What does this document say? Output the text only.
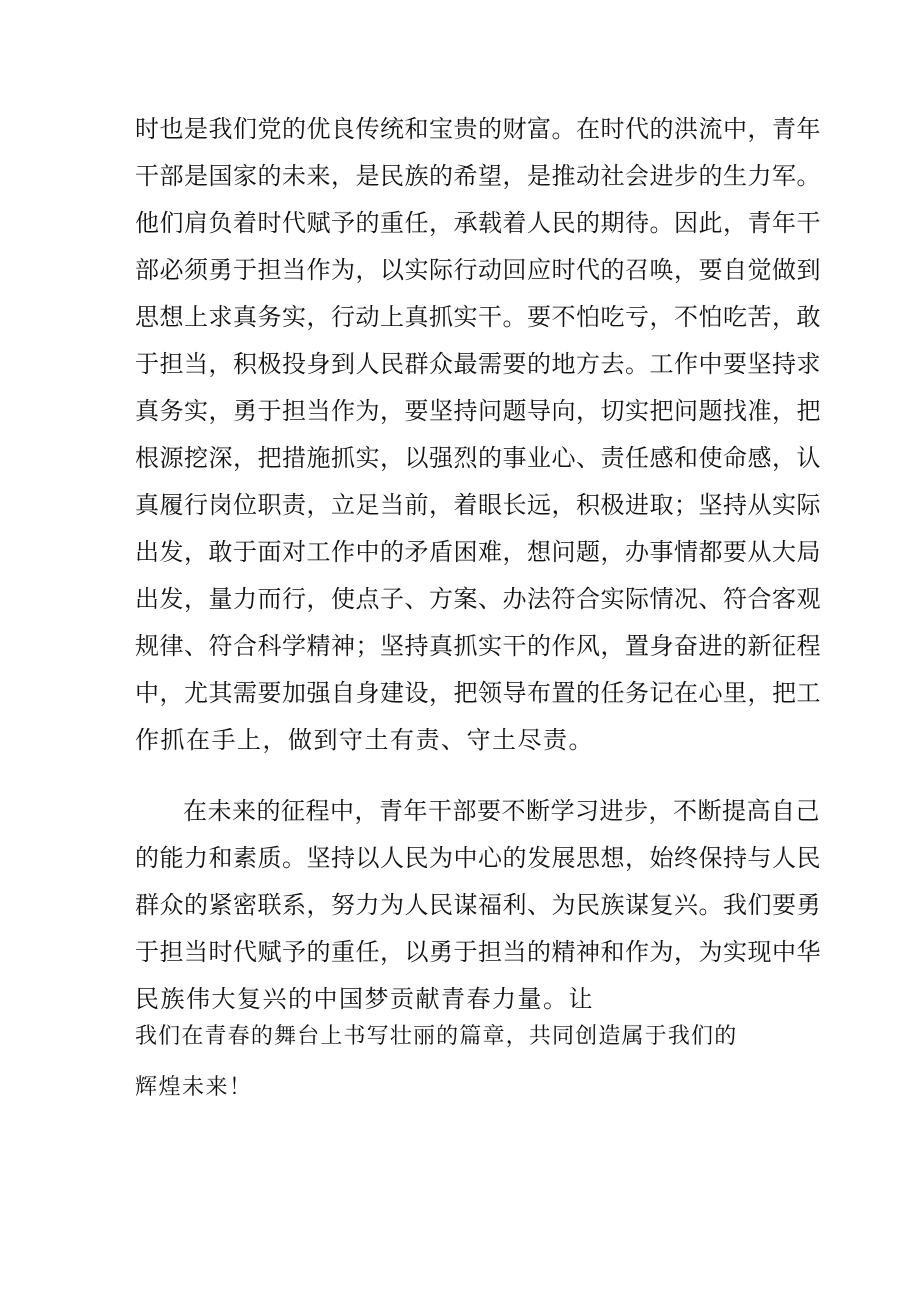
时也是我们党的优良传统和宝贵的财富。在时代的洪流中，青年
干部是国家的未来，是民族的希望，是推动社会进步的生力军。
他们肩负着时代赋予的重任，承载着人民的期待。因此，青年干
部必须勇于担当作为，以实际行动回应时代的召唤，要自觉做到
思想上求真务实，行动上真抓实干。要不怕吃亏，不怕吃苦，敢
于担当，积极投身到人民群众最需要的地方去。工作中要坚持求
真务实，勇于担当作为，要坚持问题导向，切实把问题找准，把
根源挖深，把措施抓实，以强烈的事业心、责任感和使命感，认
真履行岗位职责，立足当前，着眼长远，积极进取；坚持从实际
出发，敢于面对工作中的矛盾困难，想问题，办事情都要从大局
出发，量力而行，使点子、方案、办法符合实际情况、符合客观
规律、符合科学精神；坚持真抓实干的作风，置身奋进的新征程
中，尤其需要加强自身建设，把领导布置的任务记在心里，把工
作抓在手上，做到守土有责、守土尽责。
在未来的征程中，青年干部要不断学习进步，不断提高自己
的能力和素质。坚持以人民为中心的发展思想，始终保持与人民
群众的紧密联系，努力为人民谋福利、为民族谋复兴。我们要勇
于担当时代赋予的重任，以勇于担当的精神和作为，为实现中华
民族伟大复兴的中国梦贡献青春力量。让
我们在青春的舞台上书写壮丽的篇章，共同创造属于我们的
辉煌未来！
